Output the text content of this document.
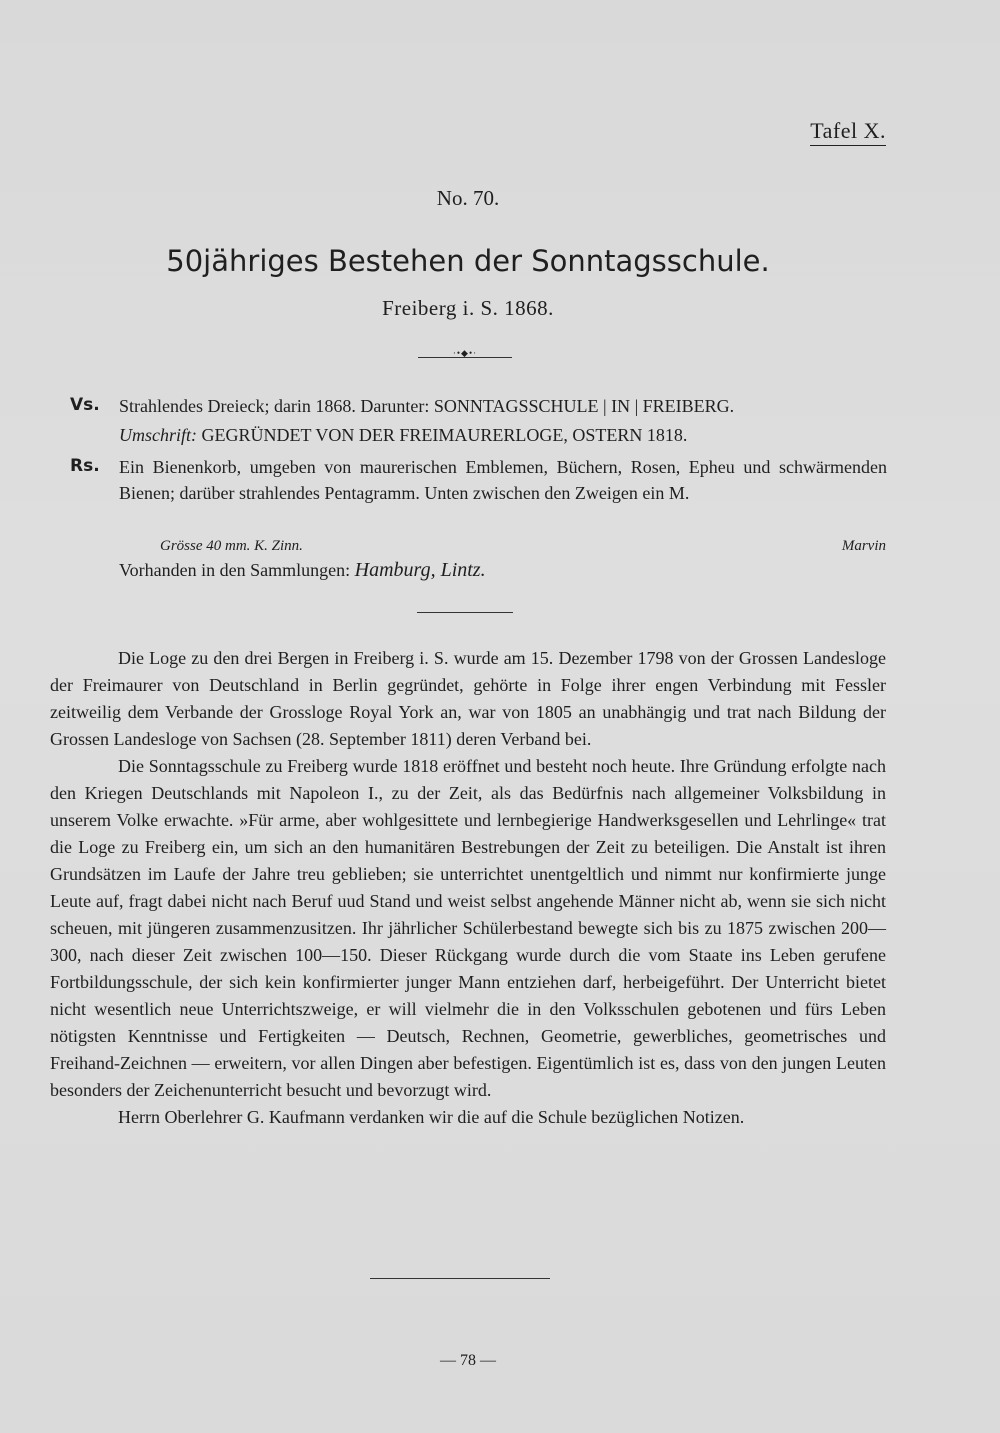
Tafel X.
No. 70.
50jähriges Bestehen der Sonntagsschule.
Freiberg i. S. 1868.
·•◆•·
Vs. Strahlendes Dreieck; darin 1868. Darunter: SONNTAGSSCHULE | IN | FREIBERG.
Umschrift: GEGRÜNDET VON DER FREIMAURERLOGE, OSTERN 1818.
Rs. Ein Bienenkorb, umgeben von maurerischen Emblemen, Büchern, Rosen, Epheu und schwärmenden Bienen; darüber strahlendes Pentagramm. Unten zwischen den Zweigen ein M.
Grösse 40 mm. K. Zinn.	Marvin
Vorhanden in den Sammlungen: Hamburg, Lintz.

Die Loge zu den drei Bergen in Freiberg i. S. wurde am 15. Dezember 1798 von der Grossen Landesloge der Freimaurer von Deutschland in Berlin gegründet, gehörte in Folge ihrer engen Verbindung mit Fessler zeitweilig dem Verbande der Grossloge Royal York an, war von 1805 an unabhängig und trat nach Bildung der Grossen Landesloge von Sachsen (28. September 1811) deren Verband bei.

Die Sonntagsschule zu Freiberg wurde 1818 eröffnet und besteht noch heute. Ihre Gründung erfolgte nach den Kriegen Deutschlands mit Napoleon I., zu der Zeit, als das Bedürfnis nach allgemeiner Volksbildung in unserem Volke erwachte. »Für arme, aber wohlgesittete und lernbegierige Handwerksgesellen und Lehrlinge« trat die Loge zu Freiberg ein, um sich an den humanitären Bestrebungen der Zeit zu beteiligen. Die Anstalt ist ihren Grundsätzen im Laufe der Jahre treu geblieben; sie unterrichtet unentgeltlich und nimmt nur konfirmierte junge Leute auf, fragt dabei nicht nach Beruf uud Stand und weist selbst angehende Männer nicht ab, wenn sie sich nicht scheuen, mit jüngeren zusammenzusitzen. Ihr jährlicher Schülerbestand bewegte sich bis zu 1875 zwischen 200—300, nach dieser Zeit zwischen 100—150. Dieser Rückgang wurde durch die vom Staate ins Leben gerufene Fortbildungsschule, der sich kein konfirmierter junger Mann entziehen darf, herbeigeführt. Der Unterricht bietet nicht wesentlich neue Unterrichtszweige, er will vielmehr die in den Volksschulen gebotenen und fürs Leben nötigsten Kenntnisse und Fertigkeiten — Deutsch, Rechnen, Geometrie, gewerbliches, geometrisches und Freihand-Zeichnen — erweitern, vor allen Dingen aber befestigen. Eigentümlich ist es, dass von den jungen Leuten besonders der Zeichenunterricht besucht und bevorzugt wird.

Herrn Oberlehrer G. Kaufmann verdanken wir die auf die Schule bezüglichen Notizen.

— 78 —
